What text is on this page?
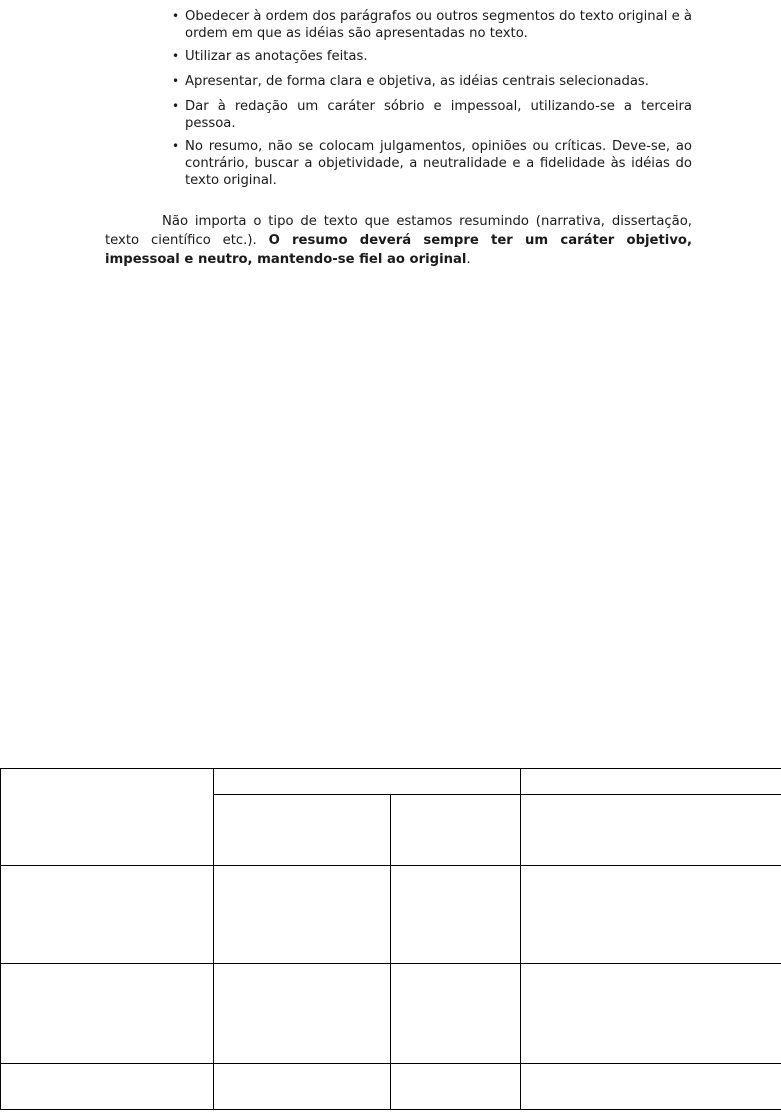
• Obedecer à ordem dos parágrafos ou outros segmentos do texto original e à ordem em que as idéias são apresentadas no texto.
• Utilizar as anotações feitas.
• Apresentar, de forma clara e objetiva, as idéias centrais selecionadas.
• Dar à redação um caráter sóbrio e impessoal, utilizando-se a terceira pessoa.
• No resumo, não se colocam julgamentos, opiniões ou críticas. Deve-se, ao contrário, buscar a objetividade, a neutralidade e a fidelidade às idéias do texto original.

Não importa o tipo de texto que estamos resumindo (narrativa, dissertação, texto científico etc.). O resumo deverá sempre ter um caráter objetivo, impessoal e neutro, mantendo-se fiel ao original.
